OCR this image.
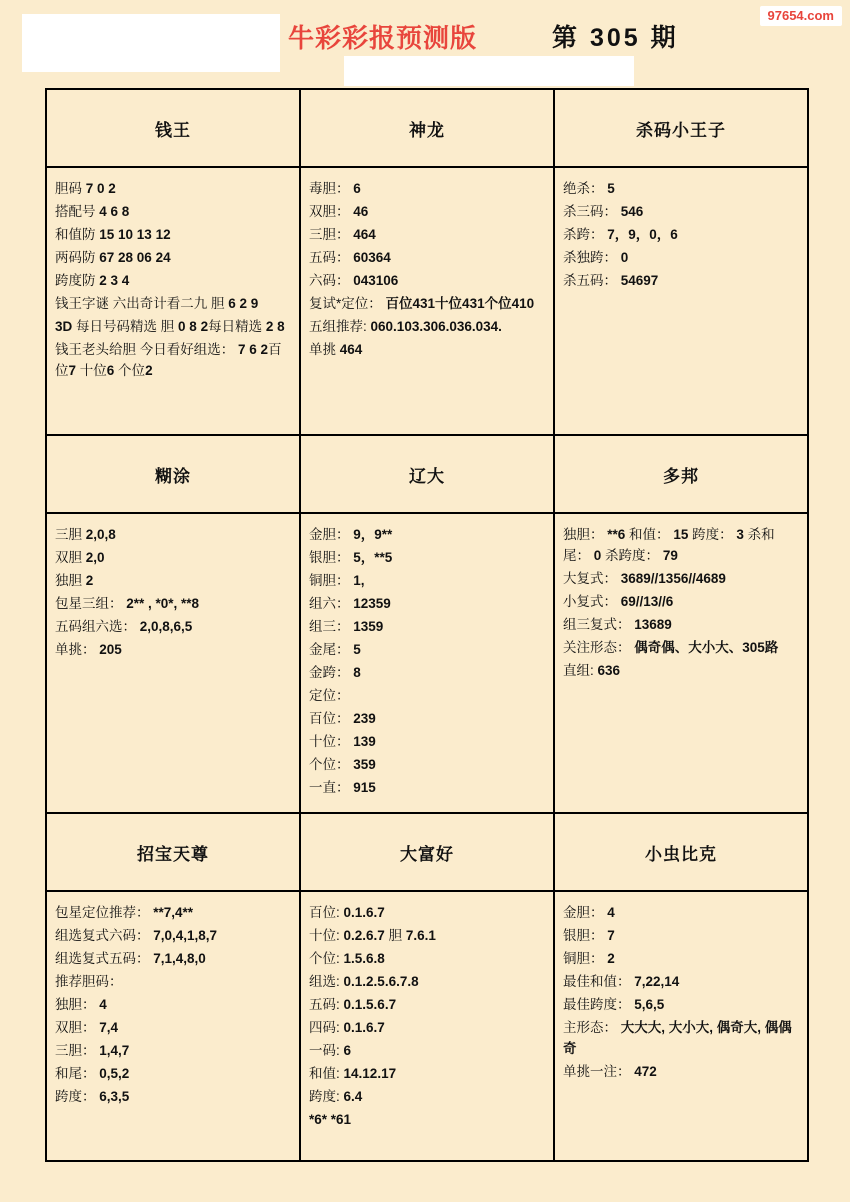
牛彩彩报预测版	第 305 期
97654.com
钱王	神龙	杀码小王子
胆码 7 0 2
搭配号 4 6 8
和值防 15 10 13 12
两码防 67 28 06 24
跨度防 2 3 4
钱王字谜 六出奇计看二九 胆 6 2 9
3D 每日号码精选 胆 0 8 2每日精选 2 8
钱王老头给胆 今日看好组选： 7 6 2百位7 十位6 个位2
毒胆： 6
双胆： 46
三胆： 464
五码： 60364
六码： 043106
复试*定位： 百位431十位431个位410
五组推荐: 060.103.306.036.034.
单挑 464
绝杀： 5
杀三码： 546
杀跨： 7，9，0，6
杀独跨： 0
杀五码： 54697
糊涂	辽大	多邦
三胆 2,0,8
双胆 2,0
独胆 2
包星三组： 2** , *0*, **8
五码组六选： 2,0,8,6,5
单挑： 205
金胆： 9，9**
银胆： 5，**5
铜胆： 1,
组六： 12359
组三： 1359
金尾： 5
金跨： 8
定位：
百位： 239
十位： 139
个位： 359
一直： 915
独胆： **6 和值： 15 跨度： 3 杀和尾： 0 杀跨度： 79
大复式： 3689//1356//4689
小复式： 69//13//6
组三复式： 13689
关注形态： 偶奇偶、大小大、305路
直组: 636
招宝天尊	大富好	小虫比克
包星定位推荐： **7,4**
组选复式六码： 7,0,4,1,8,7
组选复式五码： 7,1,4,8,0
推荐胆码：
独胆： 4
双胆： 7,4
三胆： 1,4,7
和尾： 0,5,2
跨度： 6,3,5
百位: 0.1.6.7
十位: 0.2.6.7 胆 7.6.1
个位: 1.5.6.8
组选: 0.1.2.5.6.7.8
五码: 0.1.5.6.7
四码: 0.1.6.7
一码: 6
和值: 14.12.17
跨度: 6.4
*6* *61
金胆： 4
银胆： 7
铜胆： 2
最佳和值： 7,22,14
最佳跨度： 5,6,5
主形态： 大大大, 大小大, 偶奇大, 偶偶奇
单挑一注： 472
